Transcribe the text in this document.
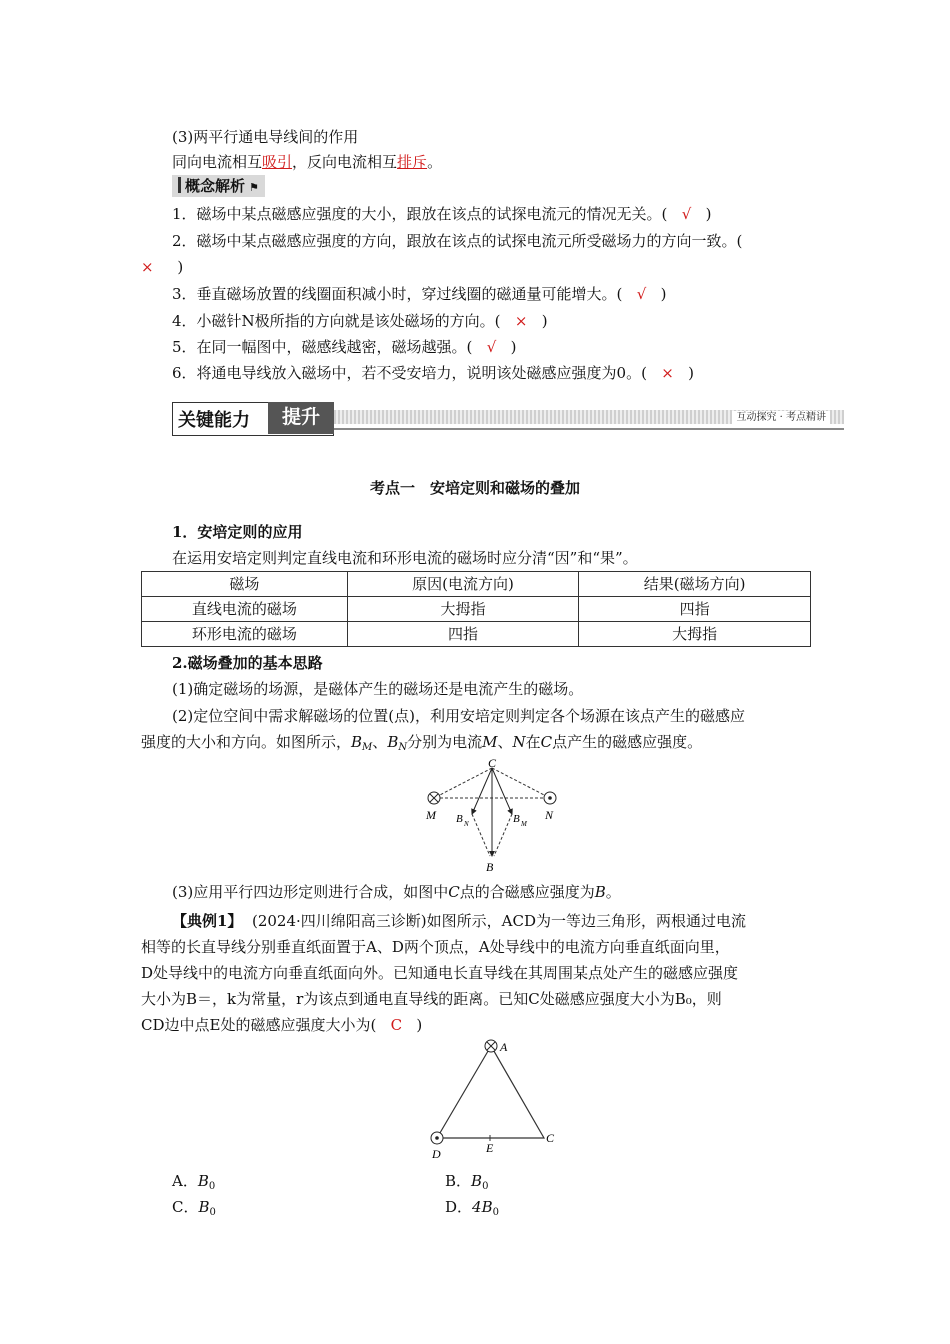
(3)两平行通电导线间的作用
同向电流相互吸引，反向电流相互排斥。
概念解析 ⚑
1．磁场中某点磁感应强度的大小，跟放在该点的试探电流元的情况无关。( √ )
2．磁场中某点磁感应强度的方向，跟放在该点的试探电流元所受磁场力的方向一致。(
× )
3．垂直磁场放置的线圈面积减小时，穿过线圈的磁通量可能增大。( √ )
4．小磁针N极所指的方向就是该处磁场的方向。( × )
5．在同一幅图中，磁感线越密，磁场越强。( √ )
6．将通电导线放入磁场中，若不受安培力，说明该处磁感应强度为0。( × )
关键能力	提升	互动探究 · 考点精讲
考点一　安培定则和磁场的叠加
1．安培定则的应用
在运用安培定则判定直线电流和环形电流的磁场时应分清“因”和“果”。
磁场	原因(电流方向)	结果(磁场方向)
直线电流的磁场	大拇指	四指
环形电流的磁场	四指	大拇指
2.磁场叠加的基本思路
(1)确定磁场的场源，是磁体产生的磁场还是电流产生的磁场。
(2)定位空间中需求解磁场的位置(点)，利用安培定则判定各个场源在该点产生的磁感应
强度的大小和方向。如图所示，$B_M$、$B_N$分别为电流M、N在C点产生的磁感应强度。
C
M	N
B
B N	B M
(3)应用平行四边形定则进行合成，如图中C点的合磁感应强度为B。
【典例1】 (2024·四川绵阳高三诊断)如图所示，ACD为一等边三角形，两根通过电流
相等的长直导线分别垂直纸面置于A、D两个顶点，A处导线中的电流方向垂直纸面向里，
D处导线中的电流方向垂直纸面向外。已知通电长直导线在其周围某点处产生的磁感应强度
大小为B＝，k为常量，r为该点到通电直导线的距离。已知C处磁感应强度大小为B₀，则
CD边中点E处的磁感应强度大小为( C )
A
C
D	E
A．$B_0$	B．$B_0$
C．$B_0$	D．$4B_0$
